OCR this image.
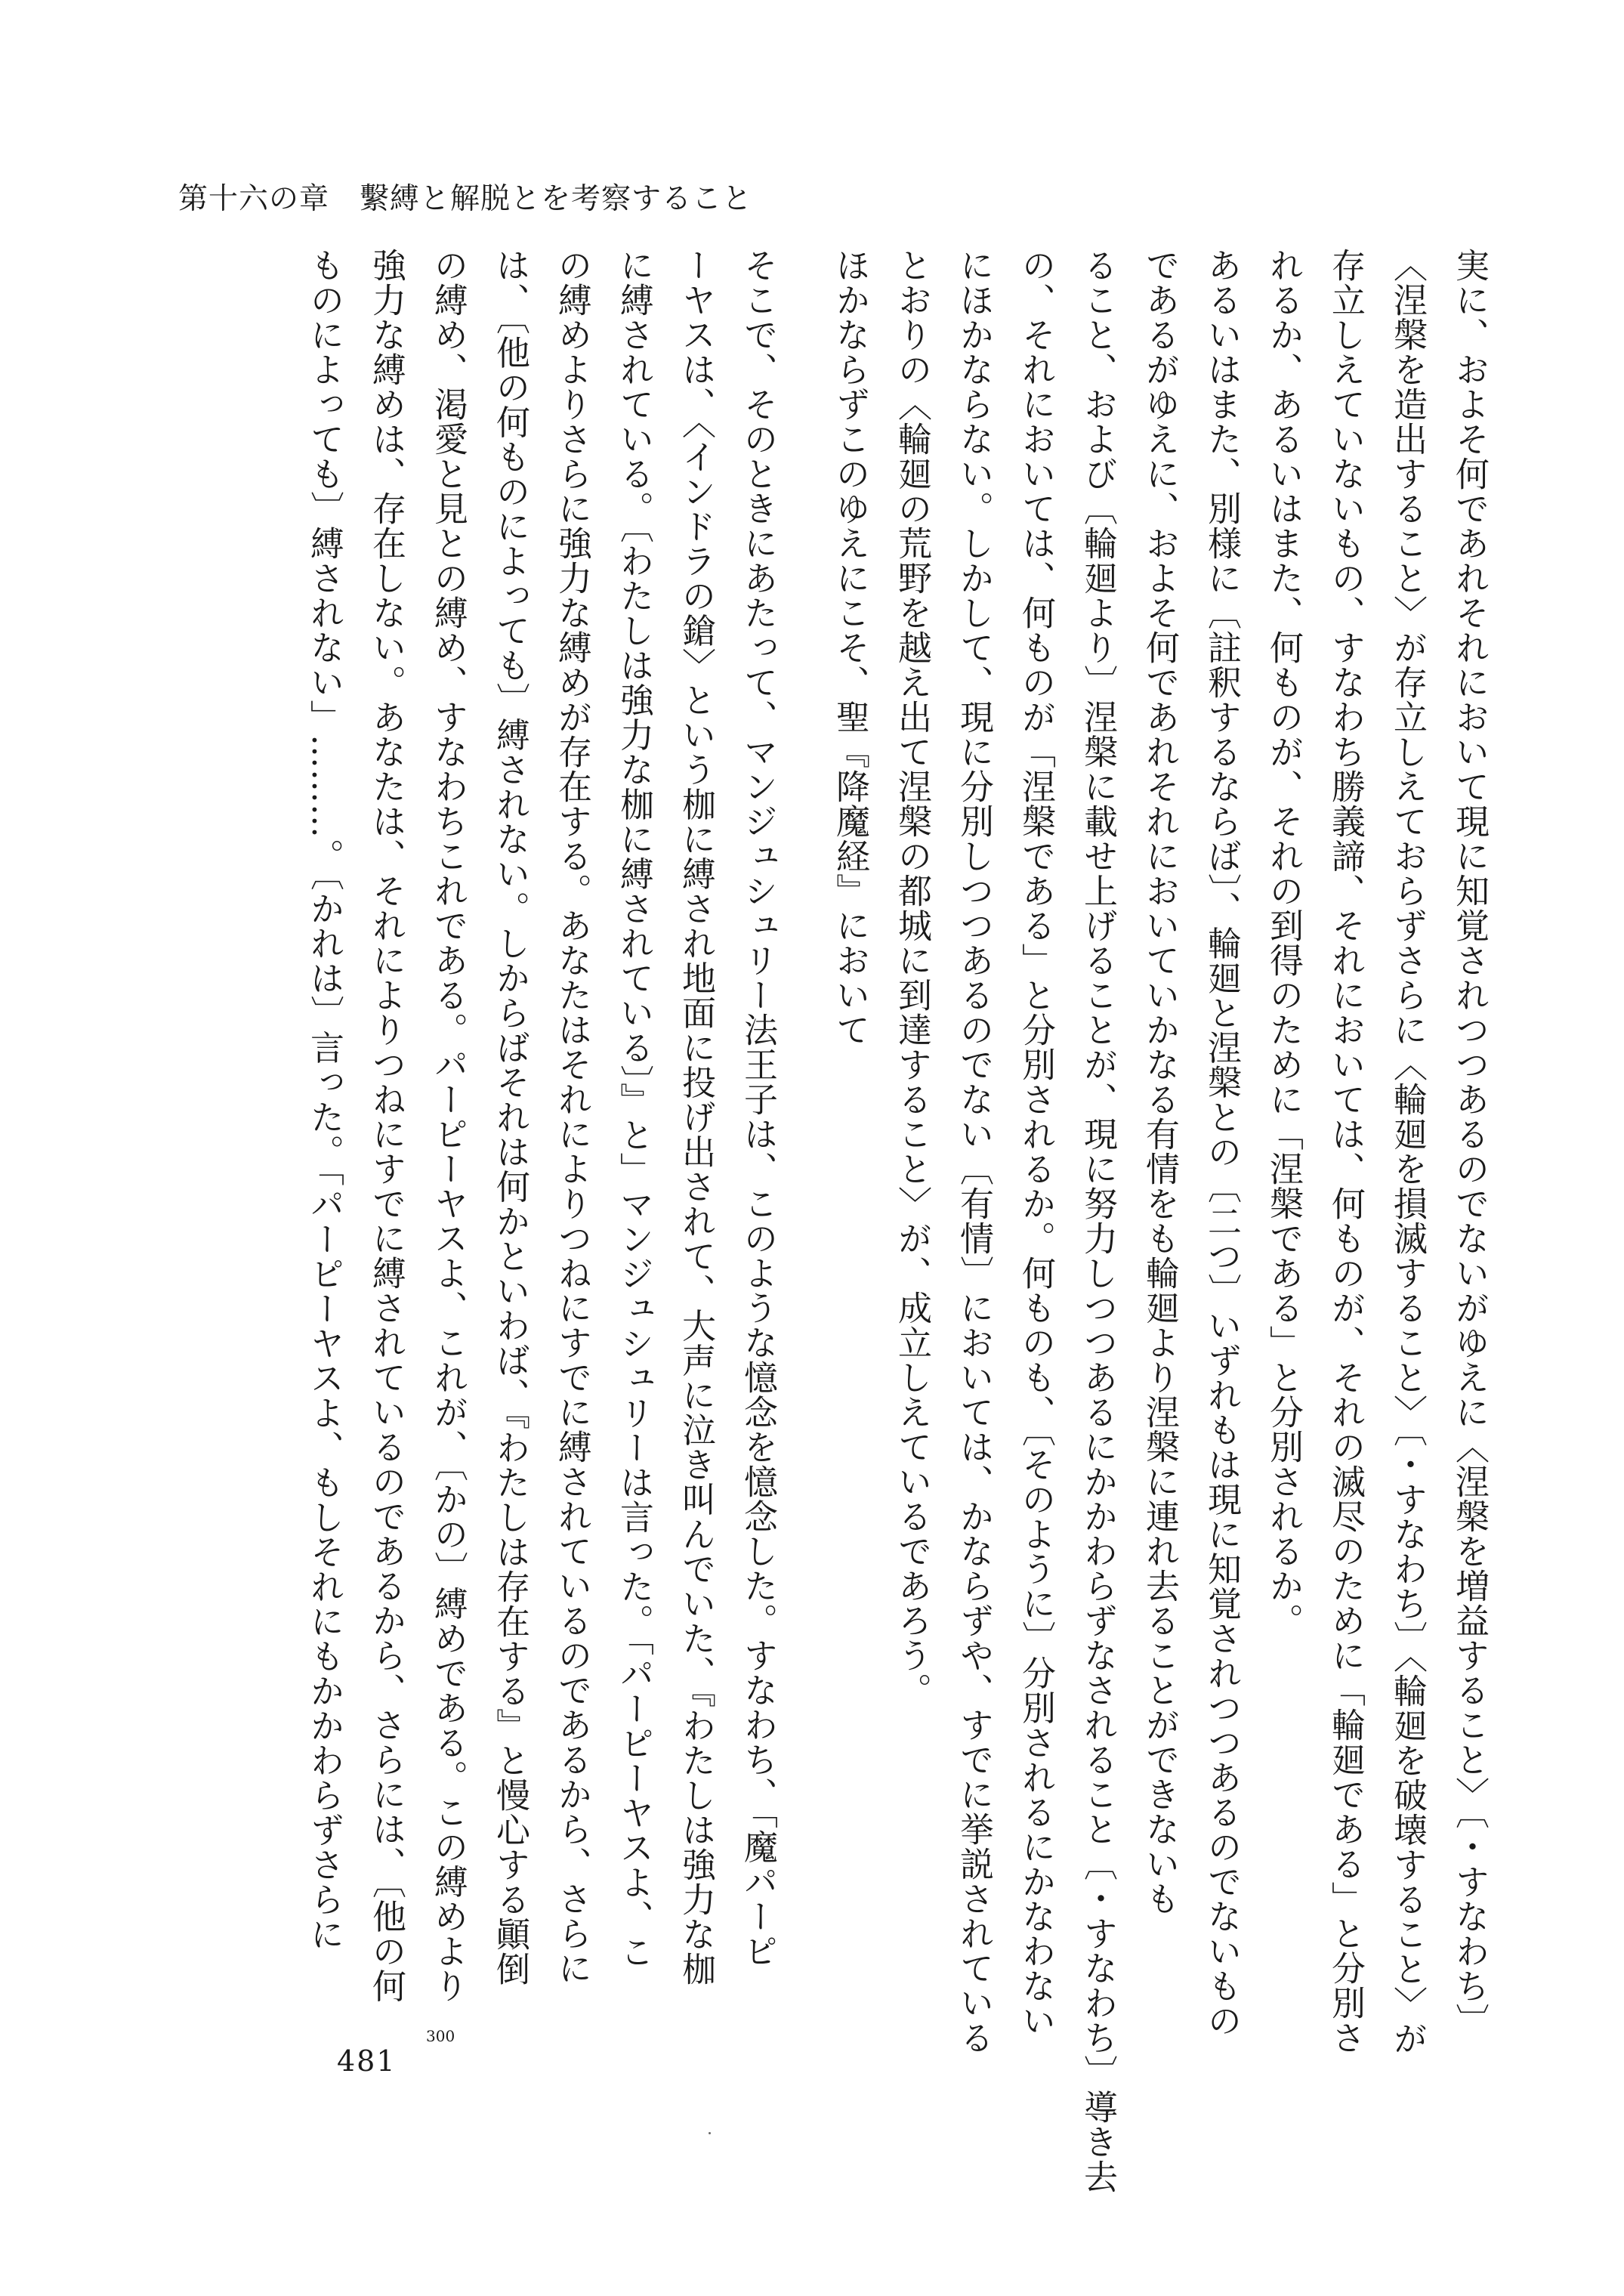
第十六の章　繫縛と解脱とを考察すること

実に、およそ何であれそれにおいて現に知覚されつつあるのでないがゆえに〈涅槃を増益すること〉〔・すなわち〕

〈涅槃を造出すること〉が存立しえておらずさらに〈輪廻を損滅すること〉〔・すなわち〕〈輪廻を破壊すること〉が

存立しえていないもの、すなわち勝義諦、それにおいては、何ものが、それの滅尽のために「輪廻である」と分別さ

れるか、あるいはまた、何ものが、それの到得のために「涅槃である」と分別されるか。

あるいはまた、別様に〔註釈するならば〕、輪廻と涅槃との〔二つ〕いずれもは現に知覚されつつあるのでないもの

であるがゆえに、およそ何であれそれにおいていかなる有情をも輪廻より涅槃に連れ去ることができないも

ること、および〔輪廻より〕涅槃に載せ上げることが、現に努力しつつあるにかかわらずなされること〔・すなわち〕導き去

の、それにおいては、何ものが「涅槃である」と分別されるか。何ものも、〔そのように〕分別されるにかなわない

にほかならない。しかして、現に分別しつつあるのでない〔有情〕においては、かならずや、すでに挙説されている

とおりの〈輪廻の荒野を越え出て涅槃の都城に到達すること〉が、成立しえているであろう。

ほかならずこのゆえにこそ、聖『降魔経』において

そこで、そのときにあたって、マンジュシュリー法王子は、このような憶念を憶念した。すなわち、「魔パーピ

ーヤスは、〈インドラの鎗〉という枷に縛され地面に投げ出されて、大声に泣き叫んでいた、『わたしは強力な枷

に縛されている。〔わたしは強力な枷に縛されている〕』と」マンジュシュリーは言った。「パーピーヤスよ、こ

の縛めよりさらに強力な縛めが存在する。あなたはそれによりつねにすでに縛されているのであるから、さらに

は、〔他の何ものによっても〕縛されない。しからばそれは何かといわば、『わたしは存在する』と慢心する顚倒

の縛め、渇愛と見との縛め、すなわちこれである。パーピーヤスよ、これが、〔かの〕縛めである。この縛めより

強力な縛めは、存在しない。あなたは、それによりつねにすでに縛されているのであるから、さらには、〔他の何

ものによっても〕縛されない」………。〔かれは〕言った。「パーピーヤスよ、もしそれにもかかわらずさらに

300
481
